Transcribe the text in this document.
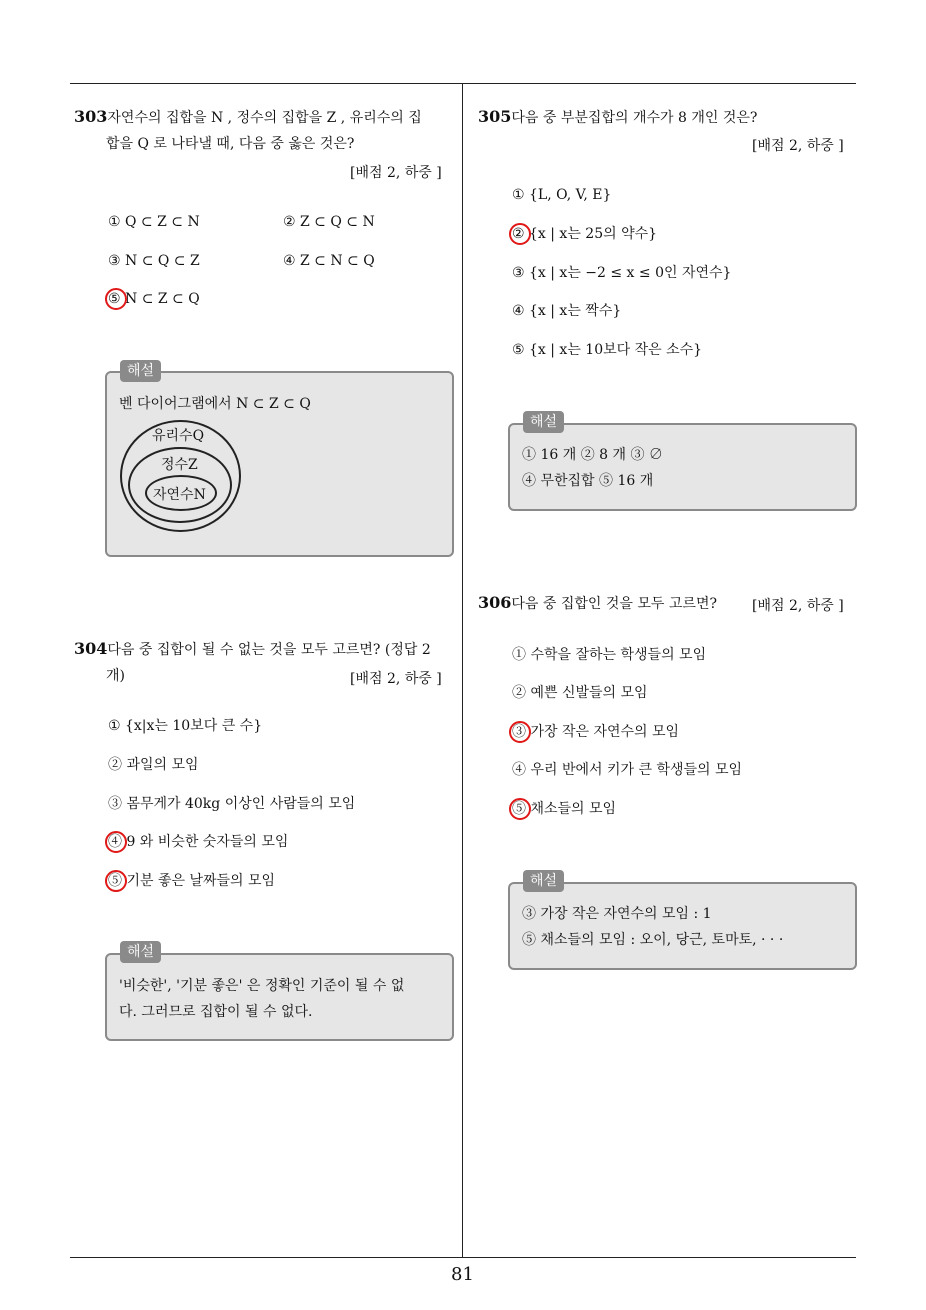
303자연수의 집합을 N , 정수의 집합을 Z , 유리수의 집
합을 Q 로 나타낼 때, 다음 중 옳은 것은?
[배점 2, 하중 ]
① Q ⊂ Z ⊂ N	② Z ⊂ Q ⊂ N
③ N ⊂ Q ⊂ Z	④ Z ⊂ N ⊂ Q
⑤ N ⊂ Z ⊂ Q
벤 다이어그램에서 N ⊂ Z ⊂ Q
유리수Q
정수Z
자연수N
해설
304다음 중 집합이 될 수 없는 것을 모두 고르면? (정답 2
개)	[배점 2, 하중 ]
① {x|x는 10보다 큰 수}
② 과일의 모임
③ 몸무게가 40kg 이상인 사람들의 모임
④ 9 와 비슷한 숫자들의 모임
⑤ 기분 좋은 날짜들의 모임
'비슷한', '기분 좋은' 은 정확인 기준이 될 수 없
다. 그러므로 집합이 될 수 없다.
해설
305다음 중 부분집합의 개수가 8 개인 것은?
[배점 2, 하중 ]
① {L, O, V, E}
② {x | x는 25의 약수}
③ {x | x는 −2 ≤ x ≤ 0인 자연수}
④ {x | x는 짝수}
⑤ {x | x는 10보다 작은 소수}
① 16 개 ② 8 개 ③ ∅
④ 무한집합 ⑤ 16 개
해설
306다음 중 집합인 것을 모두 고르면?	[배점 2, 하중 ]
① 수학을 잘하는 학생들의 모임
② 예쁜 신발들의 모임
③ 가장 작은 자연수의 모임
④ 우리 반에서 키가 큰 학생들의 모임
⑤ 채소들의 모임
③ 가장 작은 자연수의 모임 : 1
⑤ 채소들의 모임 : 오이, 당근, 토마토, · · ·
해설
81
